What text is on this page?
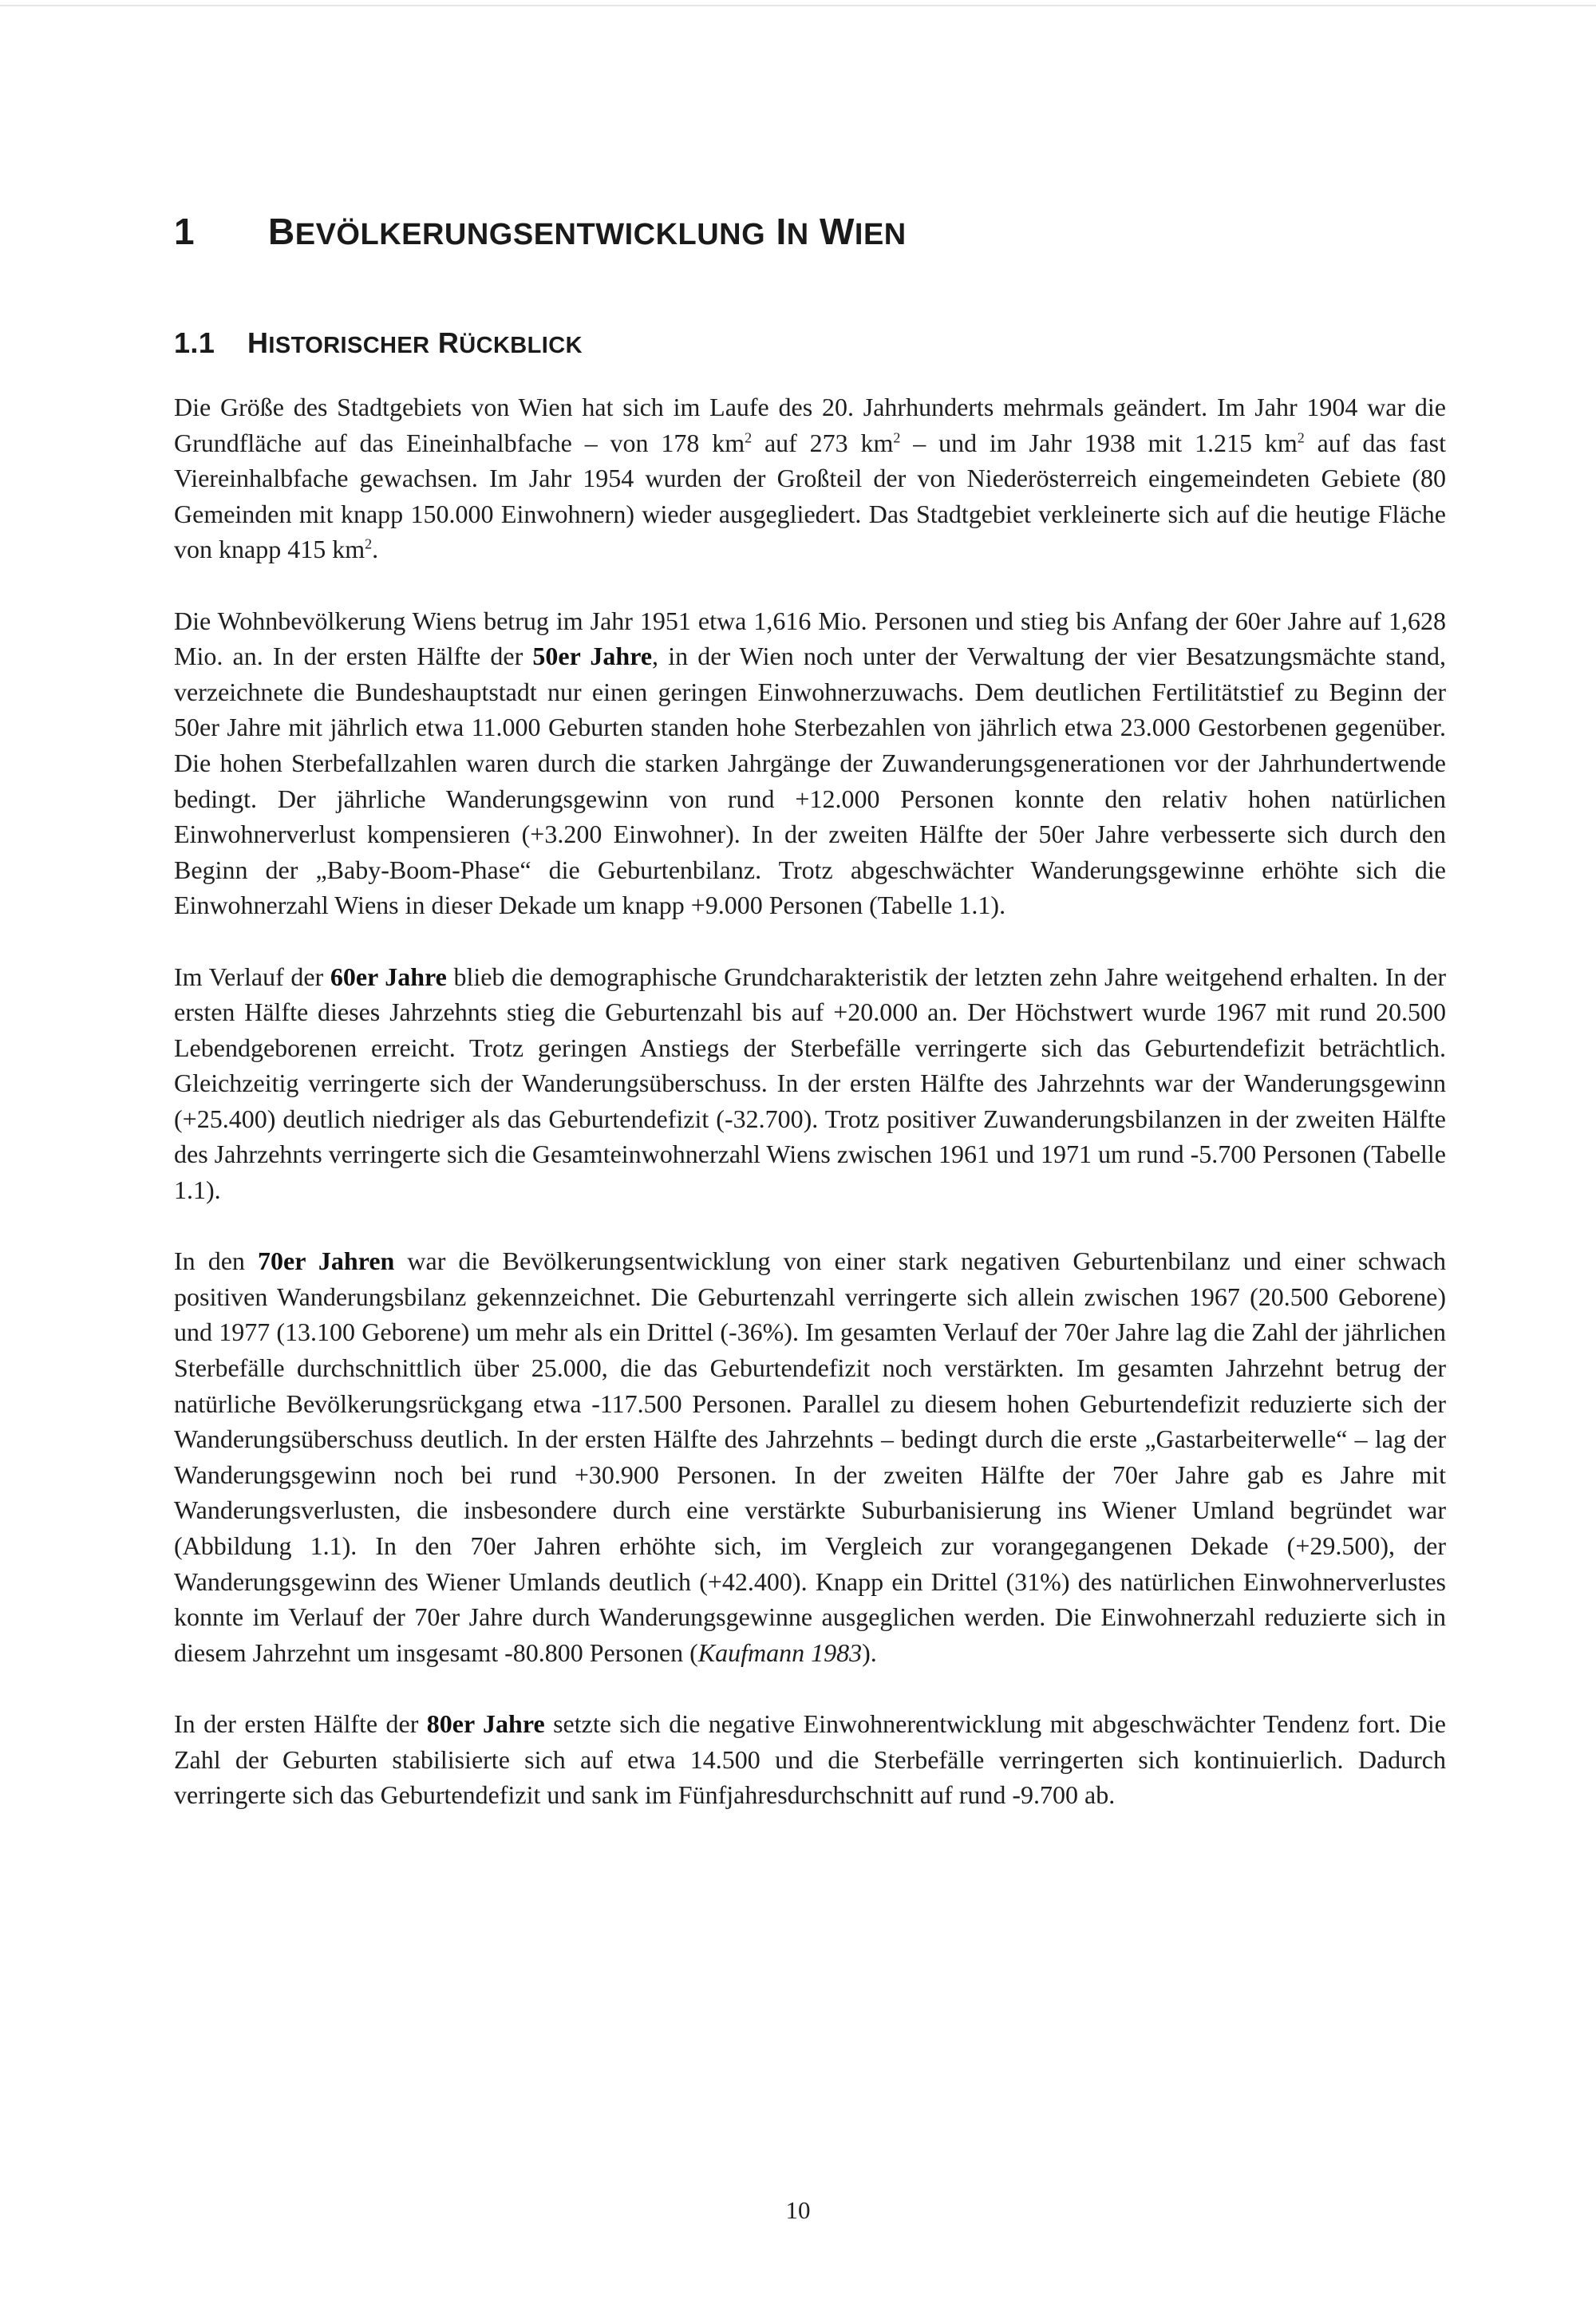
1 BEVÖLKERUNGSENTWICKLUNG IN WIEN
1.1 HISTORISCHER RÜCKBLICK

Die Größe des Stadtgebiets von Wien hat sich im Laufe des 20. Jahrhunderts mehrmals geändert. Im Jahr 1904 war die Grundfläche auf das Eineinhalbfache – von 178 $km^2$ auf 273 $km^2$ – und im Jahr 1938 mit 1.215 $km^2$ auf das fast Viereinhalbfache gewachsen. Im Jahr 1954 wurden der Großteil der von Niederösterreich eingemeindeten Gebiete (80 Gemeinden mit knapp 150.000 Einwohnern) wieder ausgegliedert. Das Stadtgebiet verkleinerte sich auf die heutige Fläche von knapp 415 $km^2$.

Die Wohnbevölkerung Wiens betrug im Jahr 1951 etwa 1,616 Mio. Personen und stieg bis Anfang der 60er Jahre auf 1,628 Mio. an. In der ersten Hälfte der 50er Jahre, in der Wien noch unter der Verwaltung der vier Besatzungsmächte stand, verzeichnete die Bundeshauptstadt nur einen geringen Einwohnerzuwachs. Dem deutlichen Fertilitätstief zu Beginn der 50er Jahre mit jährlich etwa 11.000 Geburten standen hohe Sterbezahlen von jährlich etwa 23.000 Gestorbenen gegenüber. Die hohen Sterbefallzahlen waren durch die starken Jahrgänge der Zuwanderungsgenerationen vor der Jahrhundertwende bedingt. Der jährliche Wanderungsgewinn von rund +12.000 Personen konnte den relativ hohen natürlichen Einwohnerverlust kompensieren (+3.200 Einwohner). In der zweiten Hälfte der 50er Jahre verbesserte sich durch den Beginn der „Baby-Boom-Phase“ die Geburtenbilanz. Trotz abgeschwächter Wanderungsgewinne erhöhte sich die Einwohnerzahl Wiens in dieser Dekade um knapp +9.000 Personen (Tabelle 1.1).

Im Verlauf der 60er Jahre blieb die demographische Grundcharakteristik der letzten zehn Jahre weitgehend erhalten. In der ersten Hälfte dieses Jahrzehnts stieg die Geburtenzahl bis auf +20.000 an. Der Höchstwert wurde 1967 mit rund 20.500 Lebendgeborenen erreicht. Trotz geringen Anstiegs der Sterbefälle verringerte sich das Geburtendefizit beträchtlich. Gleichzeitig verringerte sich der Wanderungsüberschuss. In der ersten Hälfte des Jahrzehnts war der Wanderungsgewinn (+25.400) deutlich niedriger als das Geburtendefizit (-32.700). Trotz positiver Zuwanderungsbilanzen in der zweiten Hälfte des Jahrzehnts verringerte sich die Gesamteinwohnerzahl Wiens zwischen 1961 und 1971 um rund -5.700 Personen (Tabelle 1.1).

In den 70er Jahren war die Bevölkerungsentwicklung von einer stark negativen Geburtenbilanz und einer schwach positiven Wanderungsbilanz gekennzeichnet. Die Geburtenzahl verringerte sich allein zwischen 1967 (20.500 Geborene) und 1977 (13.100 Geborene) um mehr als ein Drittel (-36%). Im gesamten Verlauf der 70er Jahre lag die Zahl der jährlichen Sterbefälle durchschnittlich über 25.000, die das Geburtendefizit noch verstärkten. Im gesamten Jahrzehnt betrug der natürliche Bevölkerungsrückgang etwa -117.500 Personen. Parallel zu diesem hohen Geburtendefizit reduzierte sich der Wanderungsüberschuss deutlich. In der ersten Hälfte des Jahrzehnts – bedingt durch die erste „Gastarbeiterwelle“ – lag der Wanderungsgewinn noch bei rund +30.900 Personen. In der zweiten Hälfte der 70er Jahre gab es Jahre mit Wanderungsverlusten, die insbesondere durch eine verstärkte Suburbanisierung ins Wiener Umland begründet war (Abbildung 1.1). In den 70er Jahren erhöhte sich, im Vergleich zur vorangegangenen Dekade (+29.500), der Wanderungsgewinn des Wiener Umlands deutlich (+42.400). Knapp ein Drittel (31%) des natürlichen Einwohnerverlustes konnte im Verlauf der 70er Jahre durch Wanderungsgewinne ausgeglichen werden. Die Einwohnerzahl reduzierte sich in diesem Jahrzehnt um insgesamt -80.800 Personen (Kaufmann 1983).

In der ersten Hälfte der 80er Jahre setzte sich die negative Einwohnerentwicklung mit abgeschwächter Tendenz fort. Die Zahl der Geburten stabilisierte sich auf etwa 14.500 und die Sterbefälle verringerten sich kontinuierlich. Dadurch verringerte sich das Geburtendefizit und sank im Fünfjahresdurchschnitt auf rund -9.700 ab.

10
